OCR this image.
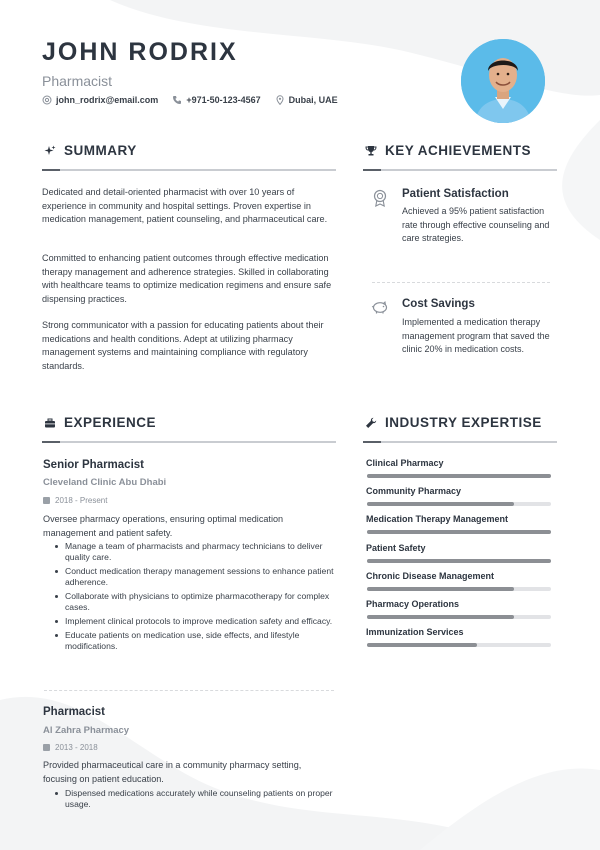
JOHN RODRIX
Pharmacist
john_rodrix@email.com	+971-50-123-4567	Dubai, UAE
SUMMARY
Dedicated and detail-oriented pharmacist with over 10 years of experience in community and hospital settings. Proven expertise in medication management, patient counseling, and pharmaceutical care.
Committed to enhancing patient outcomes through effective medication therapy management and adherence strategies. Skilled in collaborating with healthcare teams to optimize medication regimens and ensure safe dispensing practices.
Strong communicator with a passion for educating patients about their medications and health conditions. Adept at utilizing pharmacy management systems and maintaining compliance with regulatory standards.
KEY ACHIEVEMENTS
Patient Satisfaction
Achieved a 95% patient satisfaction rate through effective counseling and care strategies.
Cost Savings
Implemented a medication therapy management program that saved the clinic 20% in medication costs.
EXPERIENCE
Senior Pharmacist
Cleveland Clinic Abu Dhabi
2018 - Present
Oversee pharmacy operations, ensuring optimal medication management and patient safety.
Manage a team of pharmacists and pharmacy technicians to deliver quality care.
Conduct medication therapy management sessions to enhance patient adherence.
Collaborate with physicians to optimize pharmacotherapy for complex cases.
Implement clinical protocols to improve medication safety and efficacy.
Educate patients on medication use, side effects, and lifestyle modifications.
Pharmacist
Al Zahra Pharmacy
2013 - 2018
Provided pharmaceutical care in a community pharmacy setting, focusing on patient education.
Dispensed medications accurately while counseling patients on proper usage.
INDUSTRY EXPERTISE
Clinical Pharmacy
Community Pharmacy
Medication Therapy Management
Patient Safety
Chronic Disease Management
Pharmacy Operations
Immunization Services
